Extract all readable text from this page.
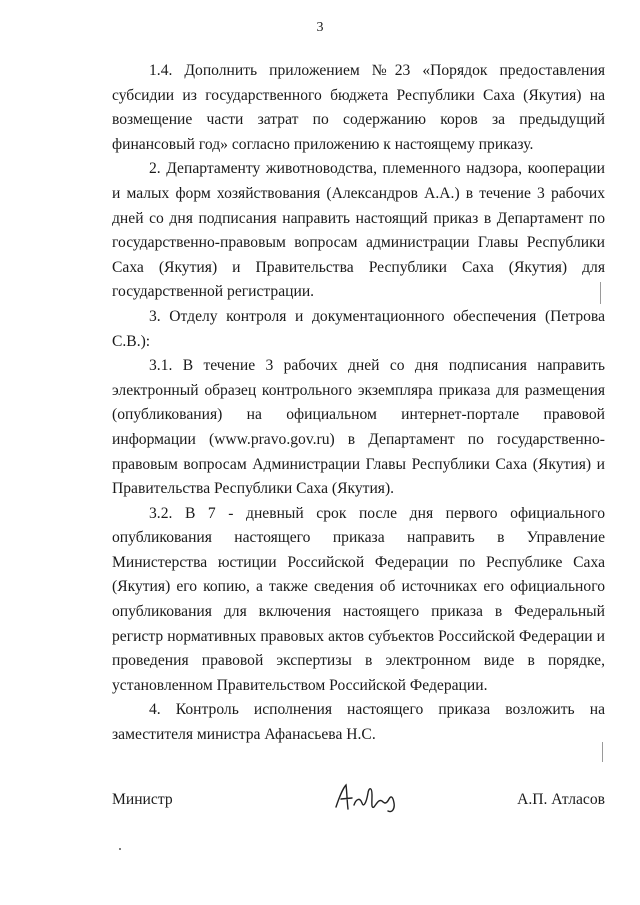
3

1.4. Дополнить приложением №23 «Порядок предоставления субсидии из государственного бюджета Республики Саха (Якутия) на возмещение части затрат по содержанию коров за предыдущий финансовый год» согласно приложению к настоящему приказу.

2. Департаменту животноводства, племенного надзора, кооперации и малых форм хозяйствования (Александров А.А.) в течение 3 рабочих дней со дня подписания направить настоящий приказ в Департамент по государственно-правовым вопросам администрации Главы Республики Саха (Якутия) и Правительства Республики Саха (Якутия) для государственной регистрации.

3. Отделу контроля и документационного обеспечения (Петрова С.В.):

3.1. В течение 3 рабочих дней со дня подписания направить электронный образец контрольного экземпляра приказа для размещения (опубликования) на официальном интернет-портале правовой информации (www.pravo.gov.ru) в Департамент по государственно-правовым вопросам Администрации Главы Республики Саха (Якутия) и Правительства Республики Саха (Якутия).

3.2. В 7 - дневный срок после дня первого официального опубликования настоящего приказа направить в Управление Министерства юстиции Российской Федерации по Республике Саха (Якутия) его копию, а также сведения об источниках его официального опубликования для включения настоящего приказа в Федеральный регистр нормативных правовых актов субъектов Российской Федерации и проведения правовой экспертизы в электронном виде в порядке, установленном Правительством Российской Федерации.

4. Контроль исполнения настоящего приказа возложить на заместителя министра Афанасьева Н.С.

Министр	А.П. Атласов
